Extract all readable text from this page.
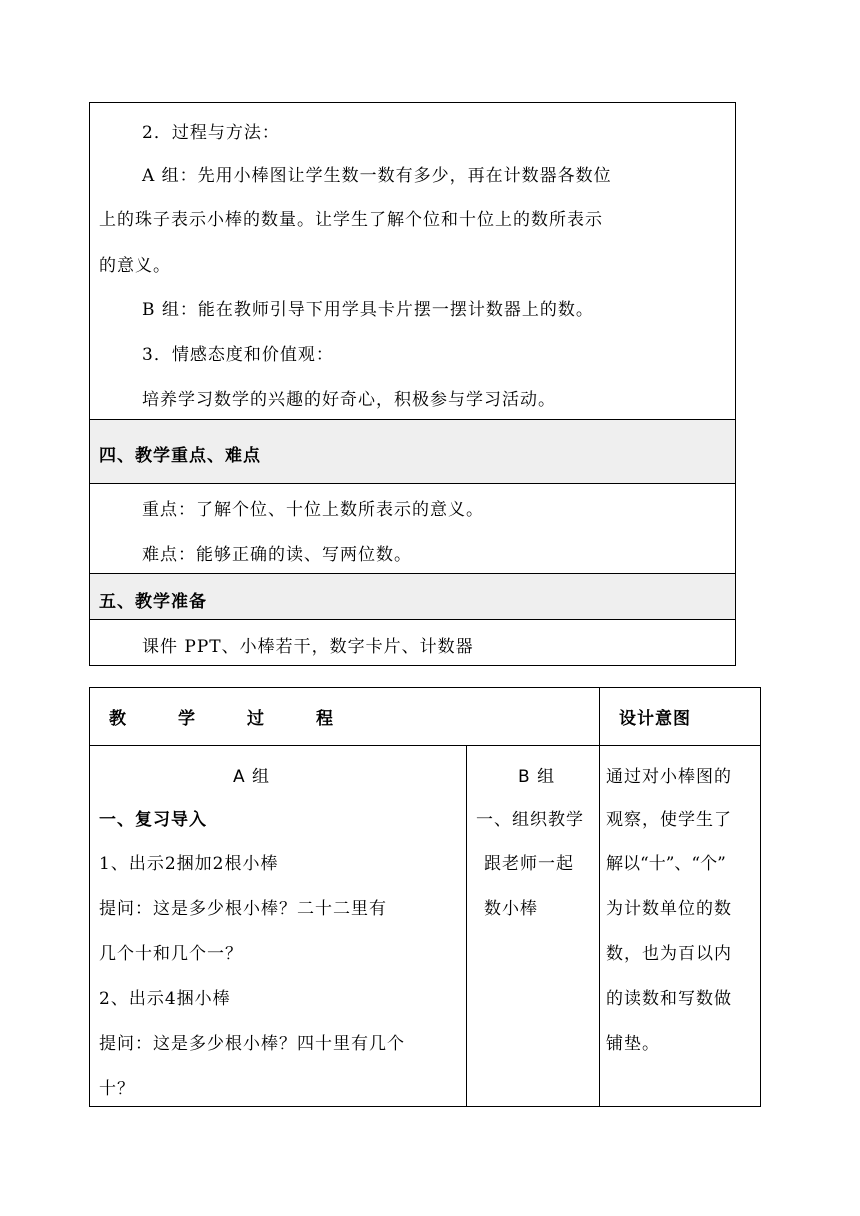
2．过程与方法：
A 组：先用小棒图让学生数一数有多少，再在计数器各数位
上的珠子表示小棒的数量。让学生了解个位和十位上的数所表示
的意义。
B 组：能在教师引导下用学具卡片摆一摆计数器上的数。
3．情感态度和价值观：
培养学习数学的兴趣的好奇心，积极参与学习活动。
四、教学重点、难点
重点：了解个位、十位上数所表示的意义。
难点：能够正确的读、写两位数。
五、教学准备
课件 PPT、小棒若干，数字卡片、计数器
教　　学　　过　　程	设计意图
A 组
一、复习导入
1、出示2捆加2根小棒
提问：这是多少根小棒？二十二里有
几个十和几个一？
2、出示4捆小棒
提问：这是多少根小棒？四十里有几个
十？
B 组
一、组织教学
跟老师一起
数小棒
通过对小棒图的
观察，使学生了
解以“十”、“个”
为计数单位的数
数，也为百以内
的读数和写数做
铺垫。
